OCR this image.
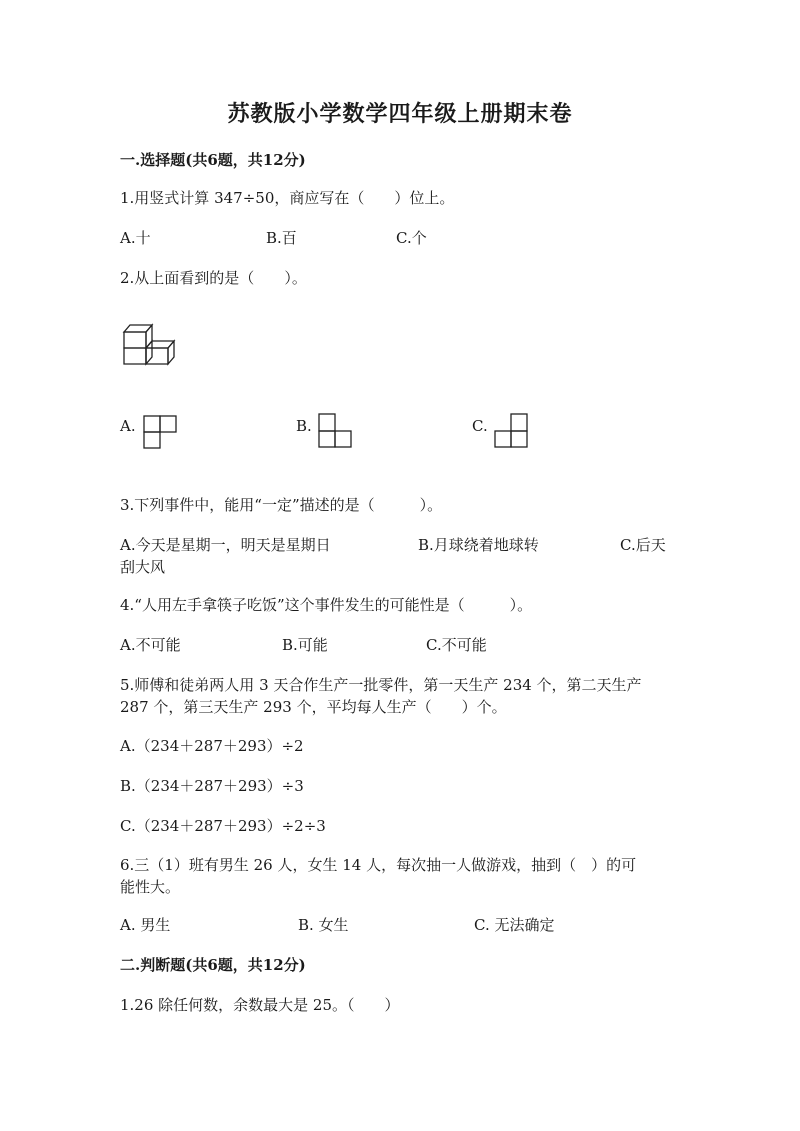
苏教版小学数学四年级上册期末卷
一.选择题(共6题，共12分)
1.用竖式计算 347÷50，商应写在（　　）位上。
A.十	B.百	C.个
2.从上面看到的是（　　）。
A.	B.	C.
3.下列事件中，能用“一定”描述的是（　　　）。
A.今天是星期一，明天是星期日	B.月球绕着地球转	C.后天
刮大风
4.“人用左手拿筷子吃饭”这个事件发生的可能性是（　　　）。
A.不可能	B.可能	C.不可能
5.师傅和徒弟两人用 3 天合作生产一批零件，第一天生产 234 个，第二天生产
287 个，第三天生产 293 个，平均每人生产（　　）个。
A.（234＋287＋293）÷2
B.（234＋287＋293）÷3
C.（234＋287＋293）÷2÷3
6.三（1）班有男生 26 人，女生 14 人，每次抽一人做游戏，抽到（　）的可
能性大。
A. 男生	B. 女生	C. 无法确定
二.判断题(共6题，共12分)
1.26 除任何数，余数最大是 25。（　　）
